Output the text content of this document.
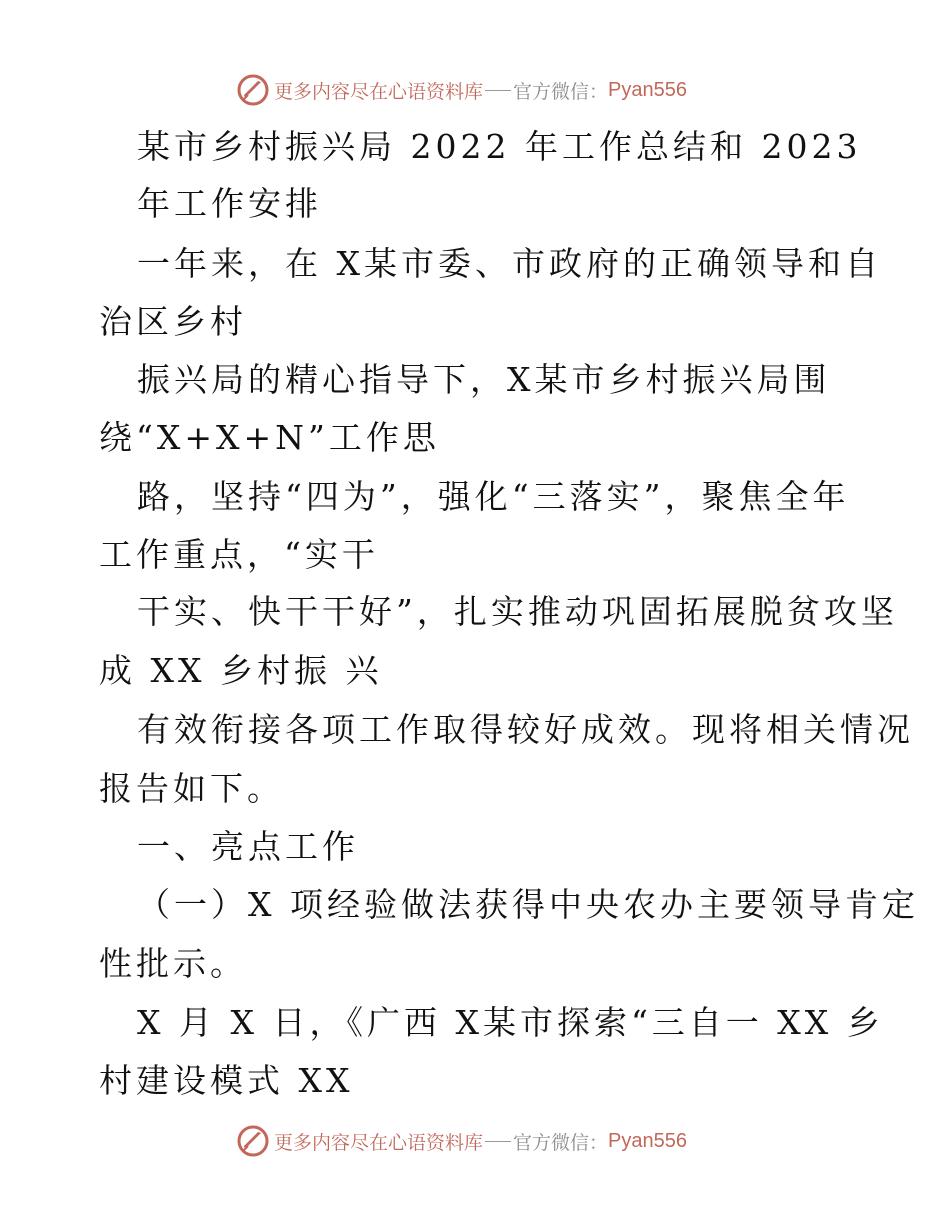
更多内容尽在心语资料库 官方微信： Pyan556
某市乡村振兴局 2022 年工作总结和 2023
年工作安排
一年来，在 X某市委、市政府的正确领导和自
治区乡村
振兴局的精心指导下，X某市乡村振兴局围
绕“X+X+N”工作思
路，坚持“四为”，强化“三落实”，聚焦全年
工作重点，“实干
干实、快干干好”，扎实推动巩固拓展脱贫攻坚
成 XX 乡村振 兴
有效衔接各项工作取得较好成效。现将相关情况
报告如下。
一、亮点工作
（一）X 项经验做法获得中央农办主要领导肯定
性批示。
X 月 X 日，《广西 X某市探索“三自一 XX 乡
村建设模式 XX
更多内容尽在心语资料库 官方微信： Pyan556
